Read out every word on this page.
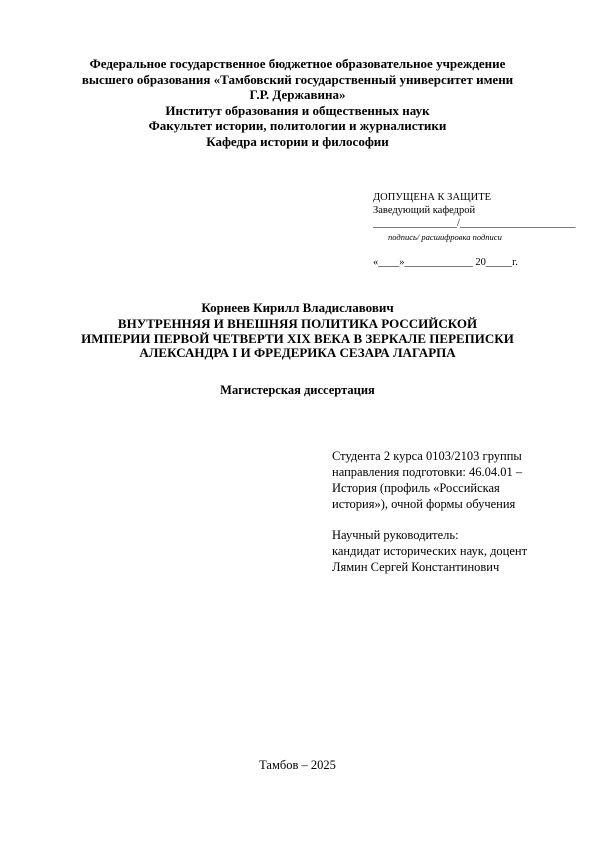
Федеральное государственное бюджетное образовательное учреждение
высшего образования «Тамбовский государственный университет имени
Г.Р. Державина»
Институт образования и общественных наук
Факультет истории, политологии и журналистики
Кафедра истории и философии
ДОПУЩЕНА К ЗАЩИТЕ
Заведующий кафедрой
________________/______________________
подпись/ расшифровка подписи
«____»_____________ 20_____г.
Корнеев Кирилл Владиславович
ВНУТРЕННЯЯ И ВНЕШНЯЯ ПОЛИТИКА РОССИЙСКОЙ
ИМПЕРИИ ПЕРВОЙ ЧЕТВЕРТИ XIX ВЕКА В ЗЕРКАЛЕ ПЕРЕПИСКИ
АЛЕКСАНДРА I И ФРЕДЕРИКА СЕЗАРА ЛАГАРПА
Магистерская диссертация
Студента 2 курса 0103/2103 группы
направления подготовки: 46.04.01 –
История (профиль «Российская
история»), очной формы обучения
Научный руководитель:
кандидат исторических наук, доцент
Лямин Сергей Константинович
Тамбов – 2025
